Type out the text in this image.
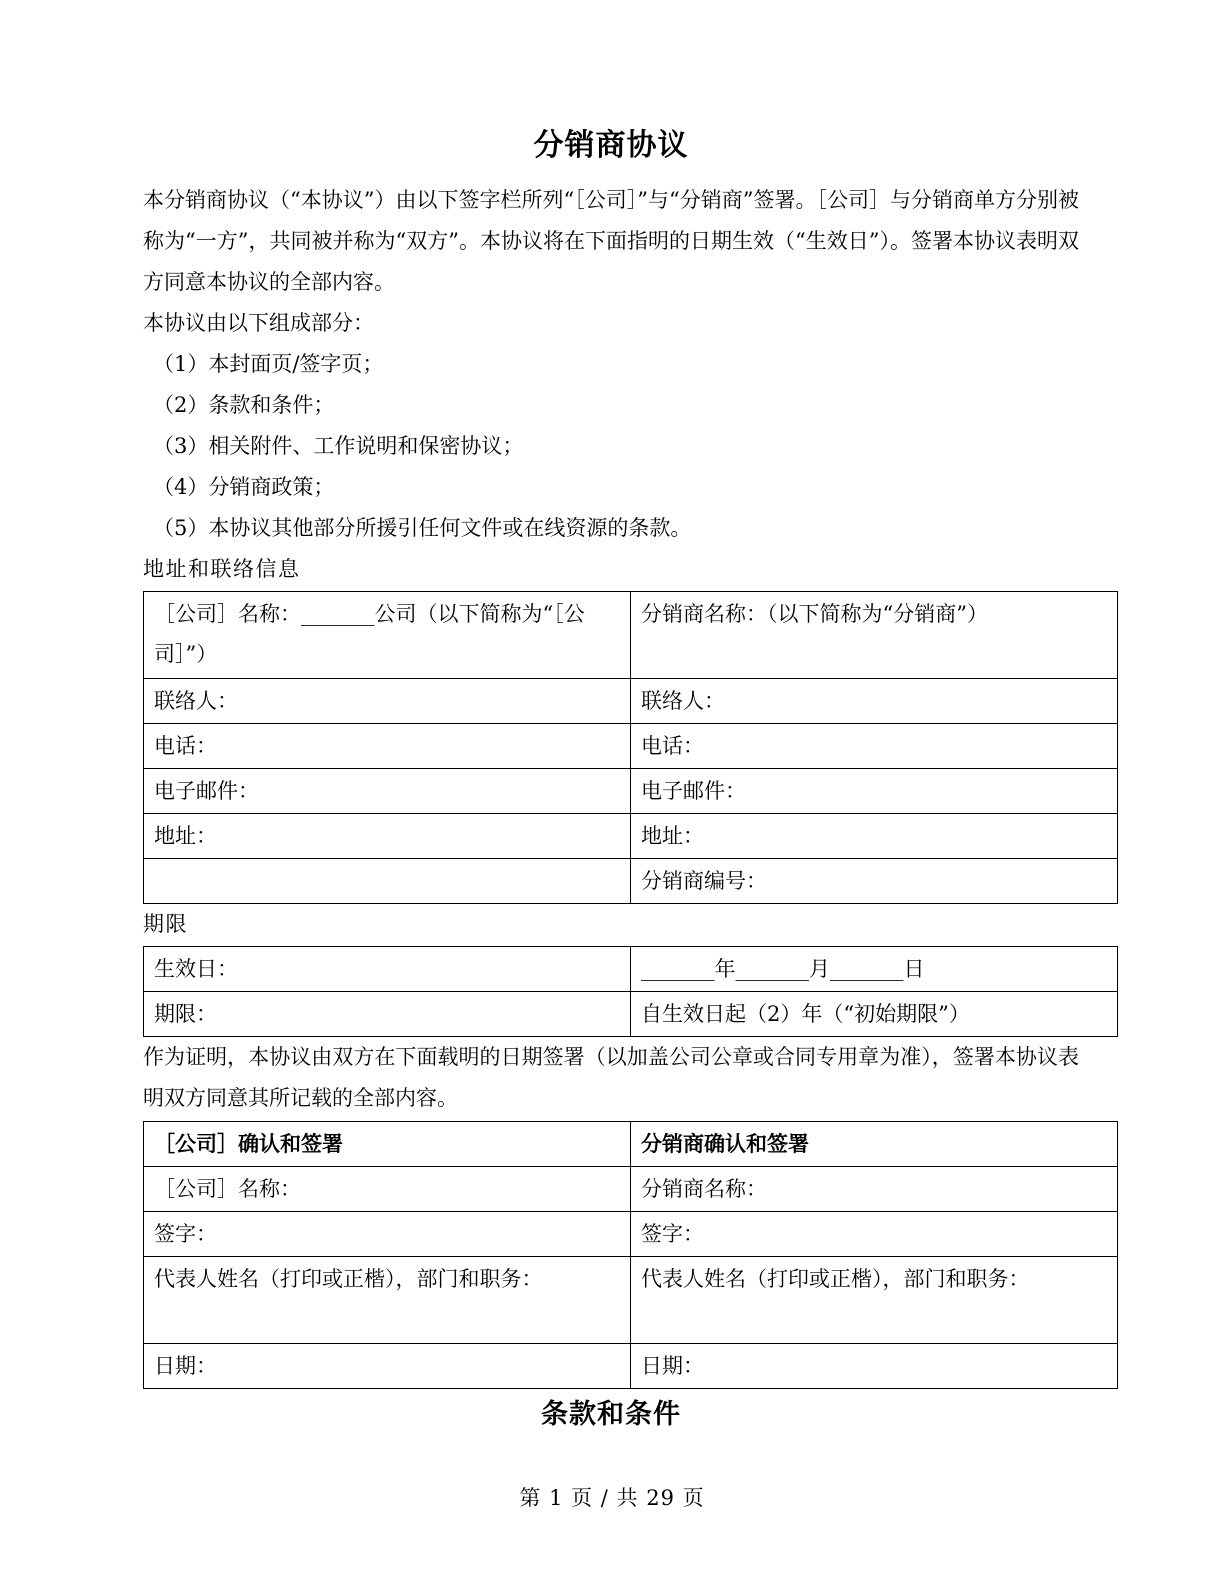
分销商协议

本分销商协议（“本协议”）由以下签字栏所列“［公司］”与“分销商”签署。［公司］与分销商单方分别被称为“一方”，共同被并称为“双方”。本协议将在下面指明的日期生效（“生效日”）。签署本协议表明双方同意本协议的全部内容。

本协议由以下组成部分：

（1）本封面页/签字页；

（2）条款和条件；

（3）相关附件、工作说明和保密协议；

（4）分销商政策；

（5）本协议其他部分所援引任何文件或在线资源的条款。

地址和联络信息

［公司］名称：_______公司（以下简称为“［公司］”）	分销商名称：（以下简称为“分销商”）
联络人：	联络人：
电话：	电话：
电子邮件：	电子邮件：
地址：	地址：
	分销商编号：

期限

生效日：	_______年_______月_______日
期限：	自生效日起（2）年（“初始期限”）

作为证明，本协议由双方在下面载明的日期签署（以加盖公司公章或合同专用章为准），签署本协议表明双方同意其所记载的全部内容。

［公司］确认和签署	分销商确认和签署
［公司］名称：	分销商名称：
签字：	签字：
代表人姓名（打印或正楷），部门和职务：	代表人姓名（打印或正楷），部门和职务：
日期：	日期：
条款和条件
第 1 页 / 共 29 页
